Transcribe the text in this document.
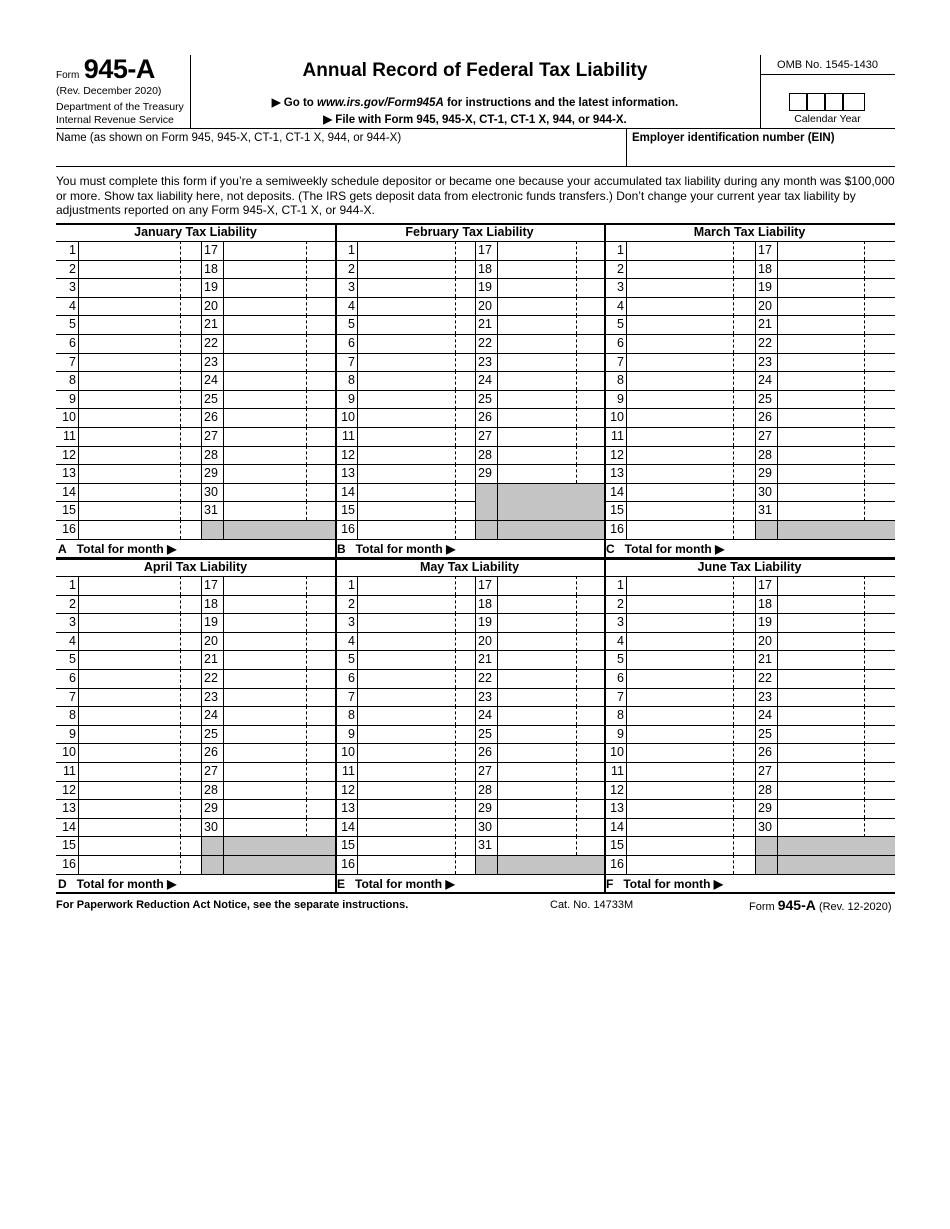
Form 945-A
(Rev. December 2020)
Department of the Treasury
Internal Revenue Service
Annual Record of Federal Tax Liability
▶ Go to www.irs.gov/Form945A for instructions and the latest information.
▶ File with Form 945, 945-X, CT-1, CT-1 X, 944, or 944-X.
OMB No. 1545-1430
Calendar Year
Name (as shown on Form 945, 945-X, CT-1, CT-1 X, 944, or 944-X)	Employer identification number (EIN)
You must complete this form if you’re a semiweekly schedule depositor or became one because your accumulated tax liability during any month was $100,000 or more. Show tax liability here, not deposits. (The IRS gets deposit data from electronic funds transfers.) Don’t change your current year tax liability by adjustments reported on any Form 945-X, CT-1 X, or 944-X.
January Tax Liability
1	17
2	18
3	19
4	20
5	21
6	22
7	23
8	24
9	25
10	26
11	27
12	28
13	29
14	30
15	31
16
A Total for month ▶
February Tax Liability
1	17
2	18
3	19
4	20
5	21
6	22
7	23
8	24
9	25
10	26
11	27
12	28
13	29
14
15
16
B Total for month ▶
March Tax Liability
1	17
2	18
3	19
4	20
5	21
6	22
7	23
8	24
9	25
10	26
11	27
12	28
13	29
14	30
15	31
16
C Total for month ▶
April Tax Liability
1	17
2	18
3	19
4	20
5	21
6	22
7	23
8	24
9	25
10	26
11	27
12	28
13	29
14	30
15
16
D Total for month ▶
May Tax Liability
1	17
2	18
3	19
4	20
5	21
6	22
7	23
8	24
9	25
10	26
11	27
12	28
13	29
14	30
15	31
16
E Total for month ▶
June Tax Liability
1	17
2	18
3	19
4	20
5	21
6	22
7	23
8	24
9	25
10	26
11	27
12	28
13	29
14	30
15
16
F Total for month ▶
For Paperwork Reduction Act Notice, see the separate instructions.	Cat. No. 14733M	Form 945-A (Rev. 12-2020)
